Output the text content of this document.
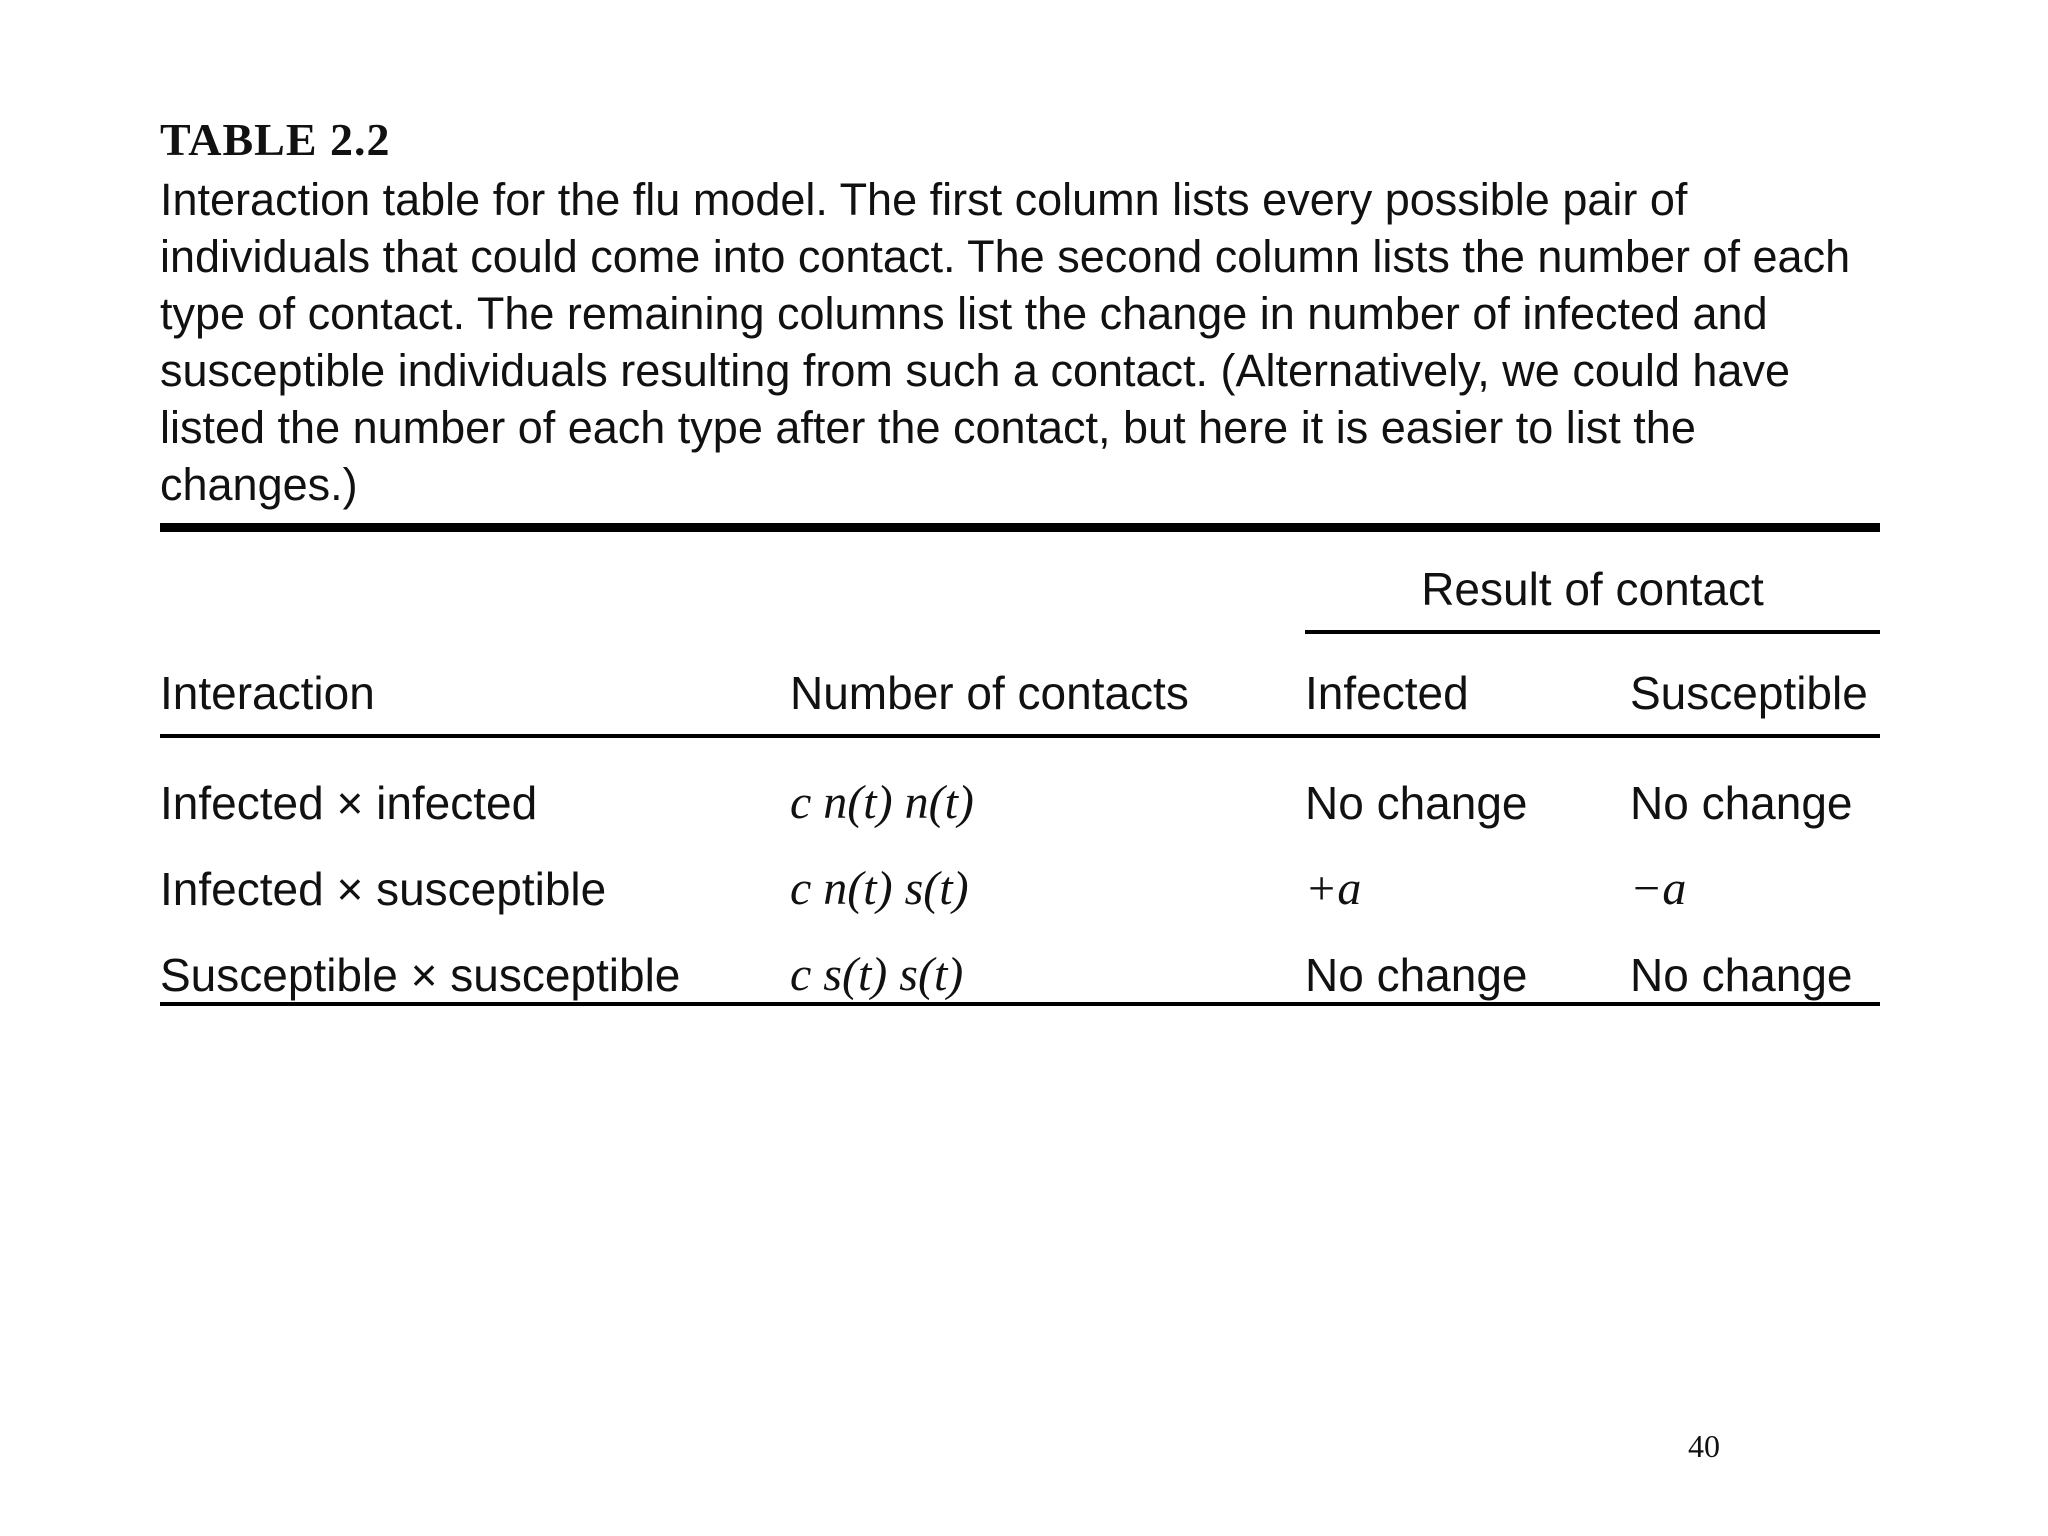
TABLE 2.2

Interaction table for the flu model. The first column lists every possible pair of individuals that could come into contact. The second column lists the number of each type of contact. The remaining columns list the change in number of infected and susceptible individuals resulting from such a contact. (Alternatively, we could have listed the number of each type after the contact, but here it is easier to list the changes.)

		Result of contact	
Interaction	Number of contacts	Infected	Susceptible
Infected × infected	c n(t) n(t)	No change	No change
Infected × susceptible	c n(t) s(t)	+a	−a
Susceptible × susceptible	c s(t) s(t)	No change	No change
40
